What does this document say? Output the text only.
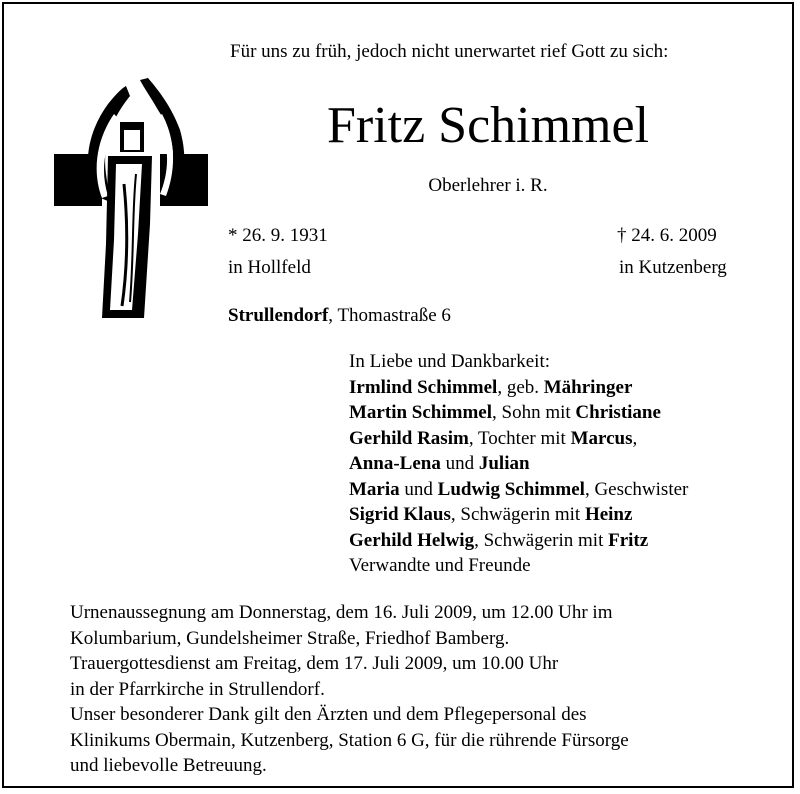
Für uns zu früh, jedoch nicht unerwartet rief Gott zu sich:
Fritz Schimmel
Oberlehrer i. R.
* 26. 9. 1931
in Hollfeld
† 24. 6. 2009
in Kutzenberg
Strullendorf, Thomastraße 6
In Liebe und Dankbarkeit:
Irmlind Schimmel, geb. Mähringer
Martin Schimmel, Sohn mit Christiane
Gerhild Rasim, Tochter mit Marcus,
Anna-Lena und Julian
Maria und Ludwig Schimmel, Geschwister
Sigrid Klaus, Schwägerin mit Heinz
Gerhild Helwig, Schwägerin mit Fritz
Verwandte und Freunde
Urnenaussegnung am Donnerstag, dem 16. Juli 2009, um 12.00 Uhr im
Kolumbarium, Gundelsheimer Straße, Friedhof Bamberg.
Trauergottesdienst am Freitag, dem 17. Juli 2009, um 10.00 Uhr
in der Pfarrkirche in Strullendorf.
Unser besonderer Dank gilt den Ärzten und dem Pflegepersonal des
Klinikums Obermain, Kutzenberg, Station 6 G, für die rührende Fürsorge
und liebevolle Betreuung.
